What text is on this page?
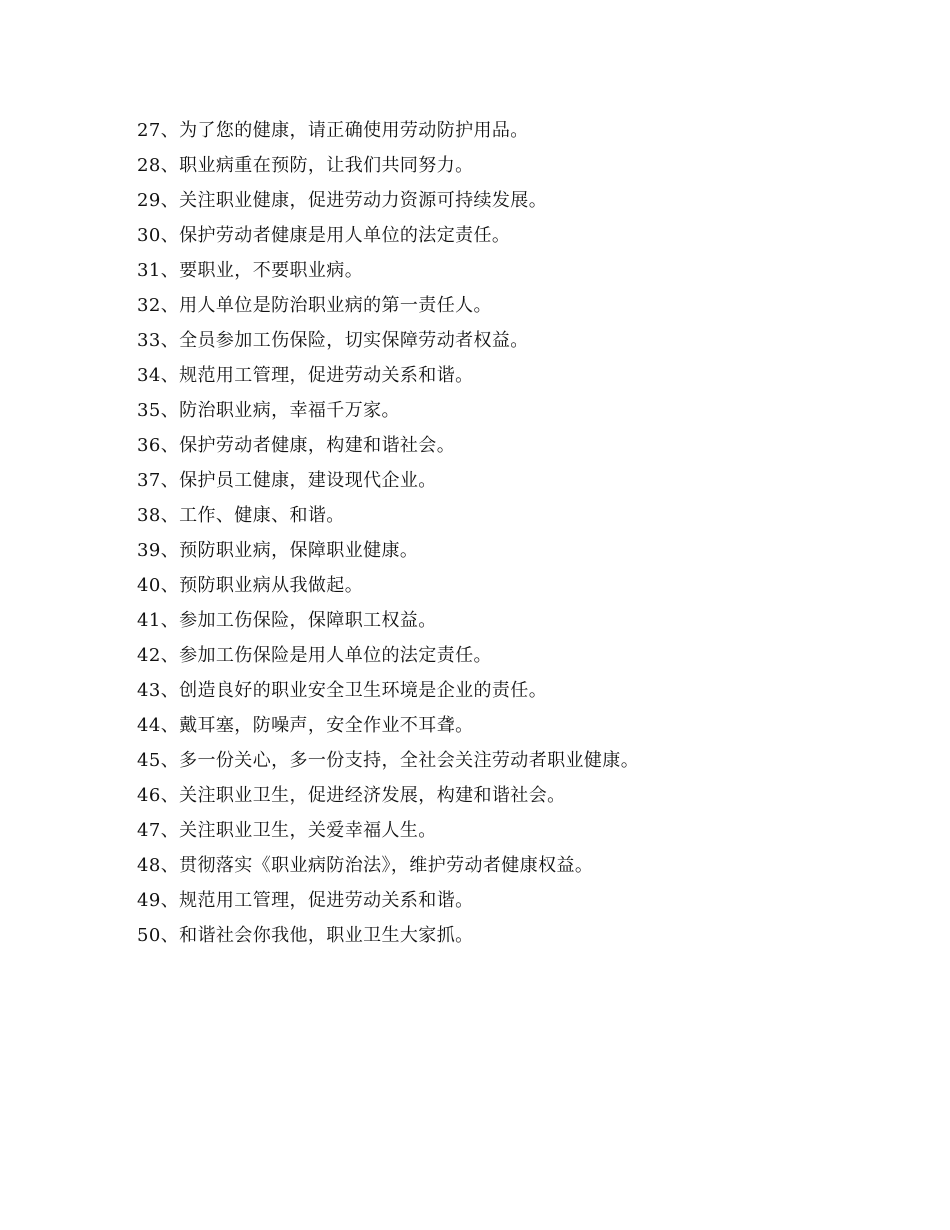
27、为了您的健康，请正确使用劳动防护用品。
28、职业病重在预防，让我们共同努力。
29、关注职业健康，促进劳动力资源可持续发展。
30、保护劳动者健康是用人单位的法定责任。
31、要职业，不要职业病。
32、用人单位是防治职业病的第一责任人。
33、全员参加工伤保险，切实保障劳动者权益。
34、规范用工管理，促进劳动关系和谐。
35、防治职业病，幸福千万家。
36、保护劳动者健康，构建和谐社会。
37、保护员工健康，建设现代企业。
38、工作、健康、和谐。
39、预防职业病，保障职业健康。
40、预防职业病从我做起。
41、参加工伤保险，保障职工权益。
42、参加工伤保险是用人单位的法定责任。
43、创造良好的职业安全卫生环境是企业的责任。
44、戴耳塞，防噪声，安全作业不耳聋。
45、多一份关心，多一份支持，全社会关注劳动者职业健康。
46、关注职业卫生，促进经济发展，构建和谐社会。
47、关注职业卫生，关爱幸福人生。
48、贯彻落实《职业病防治法》，维护劳动者健康权益。
49、规范用工管理，促进劳动关系和谐。
50、和谐社会你我他，职业卫生大家抓。
